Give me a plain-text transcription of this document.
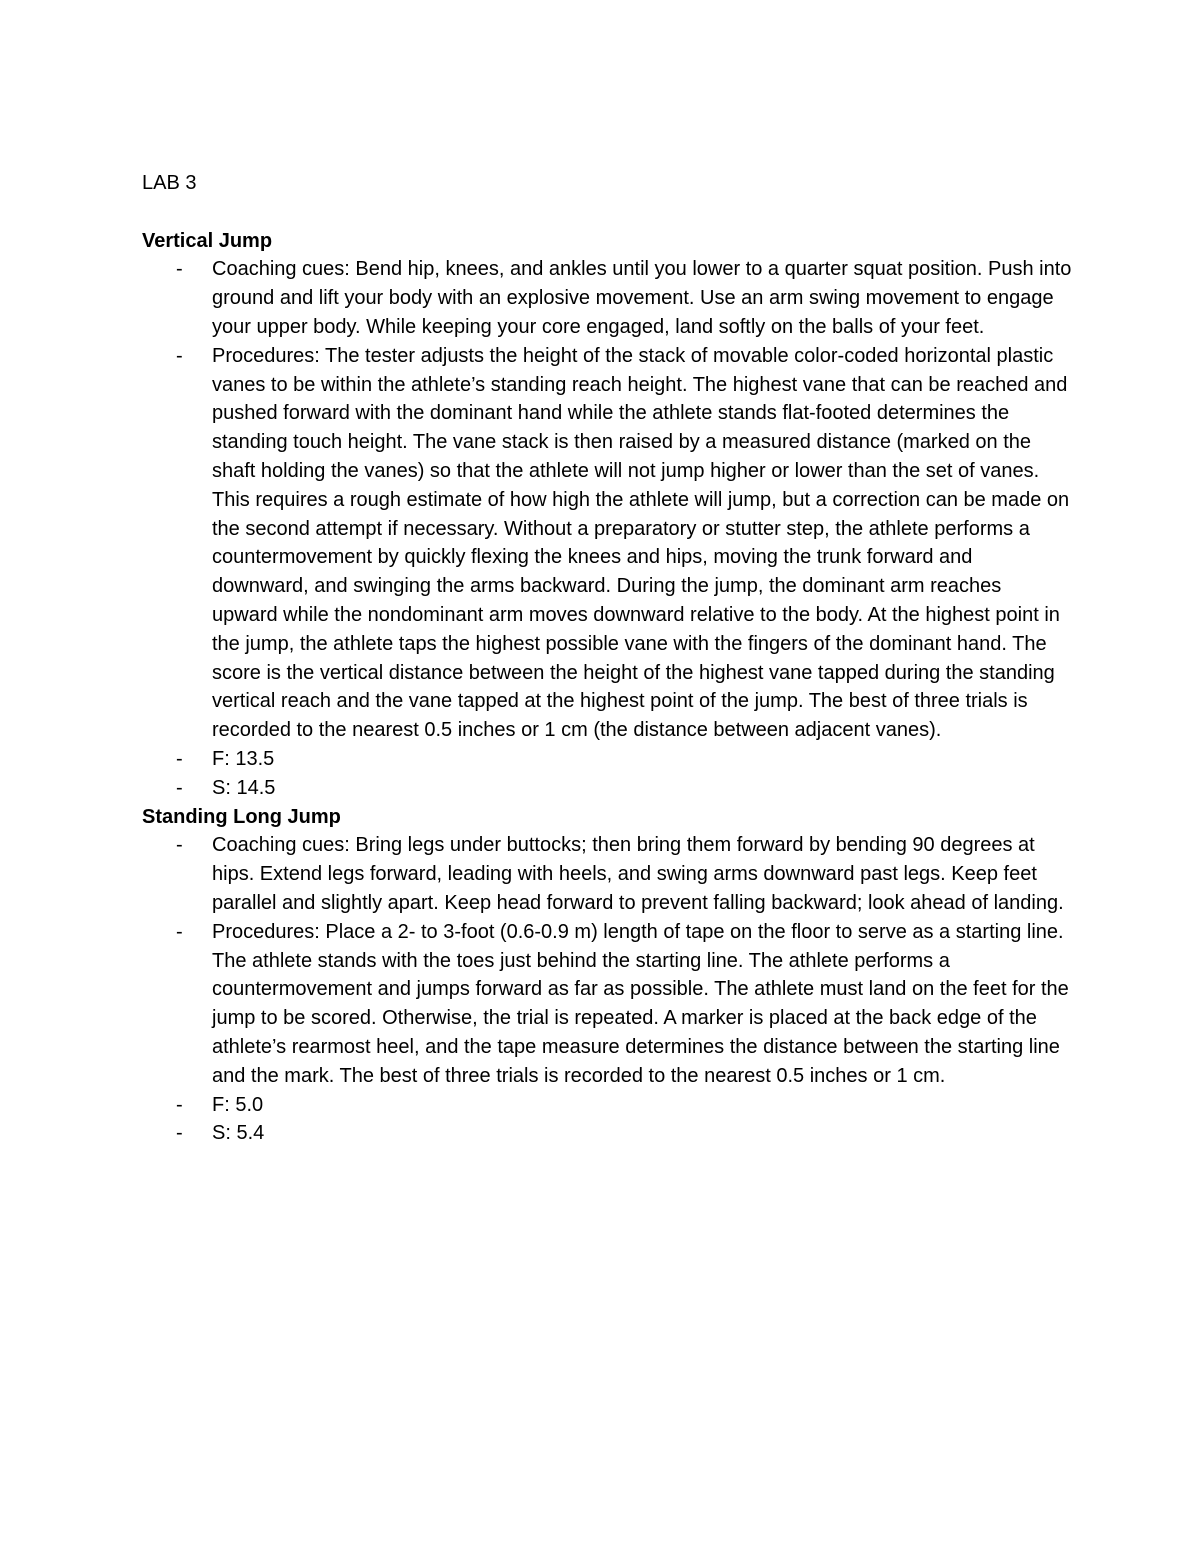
LAB 3
Vertical Jump
- Coaching cues: Bend hip, knees, and ankles until you lower to a quarter squat position. Push into ground and lift your body with an explosive movement. Use an arm swing movement to engage your upper body. While keeping your core engaged, land softly on the balls of your feet.
- Procedures: The tester adjusts the height of the stack of movable color-coded horizontal plastic vanes to be within the athlete’s standing reach height. The highest vane that can be reached and pushed forward with the dominant hand while the athlete stands flat-footed determines the standing touch height. The vane stack is then raised by a measured distance (marked on the shaft holding the vanes) so that the athlete will not jump higher or lower than the set of vanes. This requires a rough estimate of how high the athlete will jump, but a correction can be made on the second attempt if necessary. Without a preparatory or stutter step, the athlete performs a countermovement by quickly flexing the knees and hips, moving the trunk forward and downward, and swinging the arms backward. During the jump, the dominant arm reaches upward while the nondominant arm moves downward relative to the body. At the highest point in the jump, the athlete taps the highest possible vane with the fingers of the dominant hand. The score is the vertical distance between the height of the highest vane tapped during the standing vertical reach and the vane tapped at the highest point of the jump. The best of three trials is recorded to the nearest 0.5 inches or 1 cm (the distance between adjacent vanes).
- F: 13.5
- S: 14.5
Standing Long Jump
- Coaching cues: Bring legs under buttocks; then bring them forward by bending 90 degrees at hips. Extend legs forward, leading with heels, and swing arms downward past legs. Keep feet parallel and slightly apart. Keep head forward to prevent falling backward; look ahead of landing.
- Procedures: Place a 2- to 3-foot (0.6-0.9 m) length of tape on the floor to serve as a starting line. The athlete stands with the toes just behind the starting line. The athlete performs a countermovement and jumps forward as far as possible. The athlete must land on the feet for the jump to be scored. Otherwise, the trial is repeated. A marker is placed at the back edge of the athlete’s rearmost heel, and the tape measure determines the distance between the starting line and the mark. The best of three trials is recorded to the nearest 0.5 inches or 1 cm.
- F: 5.0
- S: 5.4
